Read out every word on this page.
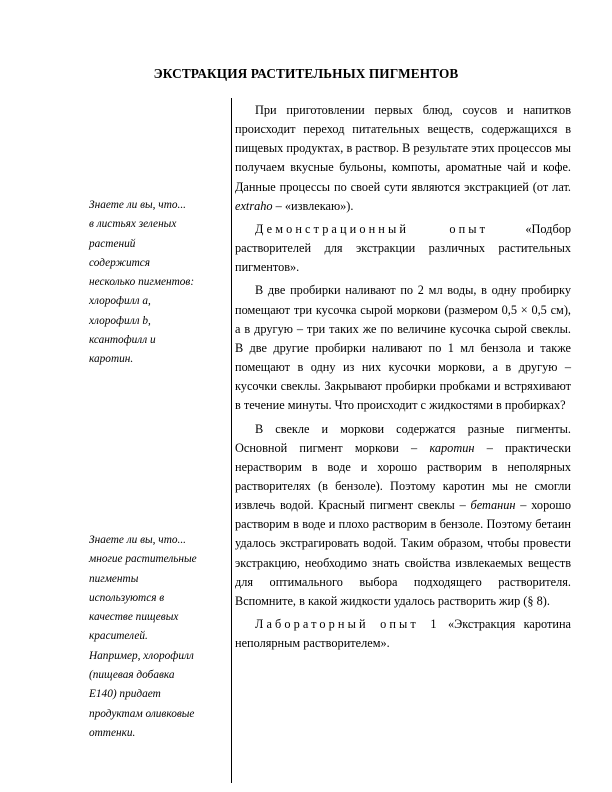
ЭКСТРАКЦИЯ РАСТИТЕЛЬНЫХ ПИГМЕНТОВ

Знаете ли вы, что...

в листьях зеленых

растений

содержится

несколько пигментов:

хлорофилл а,

хлорофилл b,

ксантофилл и

каротин.

Знаете ли вы, что...

многие растительные

пигменты

используются в

качестве пищевых

красителей.

Например, хлорофилл

(пищевая добавка

E140) придает

продуктам оливковые

оттенки.

При приготовлении первых блюд, соусов и напитков происходит переход питательных веществ, содержащихся в пищевых продуктах, в раствор. В результате этих процессов мы получаем вкусные бульоны, компоты, ароматные чай и кофе. Данные процессы по своей сути являются экстракцией (от лат. extraho – «извлекаю»).

Демонстрационный опыт «Подбор растворителей для экстракции различных растительных пигментов».

В две пробирки наливают по 2 мл воды, в одну пробирку помещают три кусочка сырой моркови (размером 0,5 × 0,5 см), а в другую – три таких же по величине кусочка сырой свеклы. В две другие пробирки наливают по 1 мл бензола и также помещают в одну из них кусочки моркови, а в другую – кусочки свеклы. Закрывают пробирки пробками и встряхивают в течение минуты. Что происходит с жидкостями в пробирках?

В свекле и моркови содержатся разные пигменты. Основной пигмент моркови – каротин – практически нерастворим в воде и хорошо растворим в неполярных растворителях (в бензоле). Поэтому каротин мы не смогли извлечь водой. Красный пигмент свеклы – бетанин – хорошо растворим в воде и плохо растворим в бензоле. Поэтому бетаин удалось экстрагировать водой. Таким образом, чтобы провести экстракцию, необходимо знать свойства извлекаемых веществ для оптимального выбора подходящего растворителя. Вспомните, в какой жидкости удалось растворить жир (§ 8).

Лабораторный опыт 1 «Экстракция каротина неполярным растворителем».
